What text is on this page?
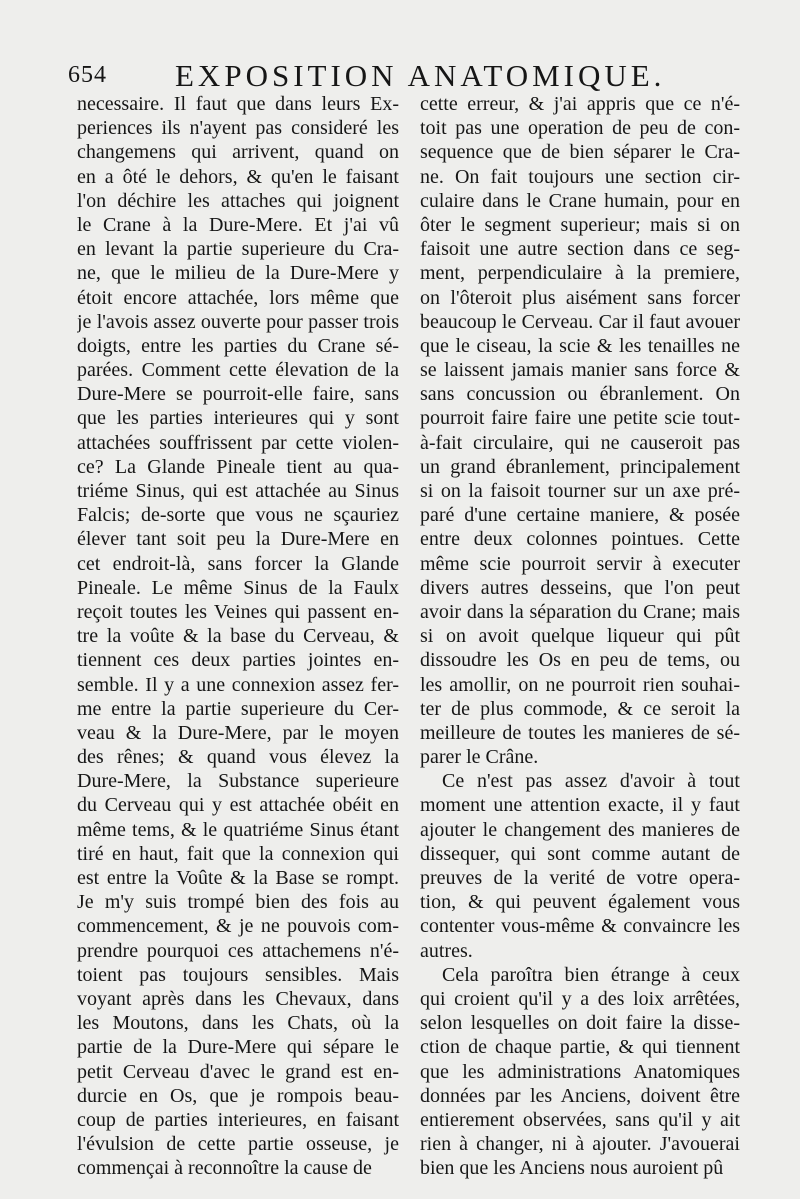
654 EXPOSITION ANATOMIQUE.
necessaire. Il faut que dans leurs Ex-
periences ils n'ayent pas consideré les
changemens qui arrivent, quand on
en a ôté le dehors, & qu'en le faisant
l'on déchire les attaches qui joignent
le Crane à la Dure-Mere. Et j'ai vû
en levant la partie superieure du Cra-
ne, que le milieu de la Dure-Mere y
étoit encore attachée, lors même que
je l'avois assez ouverte pour passer trois
doigts, entre les parties du Crane sé-
parées. Comment cette élevation de la
Dure-Mere se pourroit-elle faire, sans
que les parties interieures qui y sont
attachées souffrissent par cette violen-
ce? La Glande Pineale tient au qua-
triéme Sinus, qui est attachée au Sinus
Falcis; de-sorte que vous ne sçauriez
élever tant soit peu la Dure-Mere en
cet endroit-là, sans forcer la Glande
Pineale. Le même Sinus de la Faulx
reçoit toutes les Veines qui passent en-
tre la voûte & la base du Cerveau, &
tiennent ces deux parties jointes en-
semble. Il y a une connexion assez fer-
me entre la partie superieure du Cer-
veau & la Dure-Mere, par le moyen
des rênes; & quand vous élevez la
Dure-Mere, la Substance superieure
du Cerveau qui y est attachée obéit en
même tems, & le quatriéme Sinus étant
tiré en haut, fait que la connexion qui
est entre la Voûte & la Base se rompt.
Je m'y suis trompé bien des fois au
commencement, & je ne pouvois com-
prendre pourquoi ces attachemens n'é-
toient pas toujours sensibles. Mais
voyant après dans les Chevaux, dans
les Moutons, dans les Chats, où la
partie de la Dure-Mere qui sépare le
petit Cerveau d'avec le grand est en-
durcie en Os, que je rompois beau-
coup de parties interieures, en faisant
l'évulsion de cette partie osseuse, je
commençai à reconnoître la cause de
cette erreur, & j'ai appris que ce n'é-
toit pas une operation de peu de con-
sequence que de bien séparer le Cra-
ne. On fait toujours une section cir-
culaire dans le Crane humain, pour en
ôter le segment superieur; mais si on
faisoit une autre section dans ce seg-
ment, perpendiculaire à la premiere,
on l'ôteroit plus aisément sans forcer
beaucoup le Cerveau. Car il faut avouer
que le ciseau, la scie & les tenailles ne
se laissent jamais manier sans force &
sans concussion ou ébranlement. On
pourroit faire faire une petite scie tout-
à-fait circulaire, qui ne causeroit pas
un grand ébranlement, principalement
si on la faisoit tourner sur un axe pré-
paré d'une certaine maniere, & posée
entre deux colonnes pointues. Cette
même scie pourroit servir à executer
divers autres desseins, que l'on peut
avoir dans la séparation du Crane; mais
si on avoit quelque liqueur qui pût
dissoudre les Os en peu de tems, ou
les amollir, on ne pourroit rien souhai-
ter de plus commode, & ce seroit la
meilleure de toutes les manieres de sé-
parer le Crâne.
Ce n'est pas assez d'avoir à tout
moment une attention exacte, il y faut
ajouter le changement des manieres de
dissequer, qui sont comme autant de
preuves de la verité de votre opera-
tion, & qui peuvent également vous
contenter vous-même & convaincre les
autres.
Cela paroîtra bien étrange à ceux
qui croient qu'il y a des loix arrêtées,
selon lesquelles on doit faire la disse-
ction de chaque partie, & qui tiennent
que les administrations Anatomiques
données par les Anciens, doivent être
entierement observées, sans qu'il y ait
rien à changer, ni à ajouter. J'avouerai
bien que les Anciens nous auroient pû
